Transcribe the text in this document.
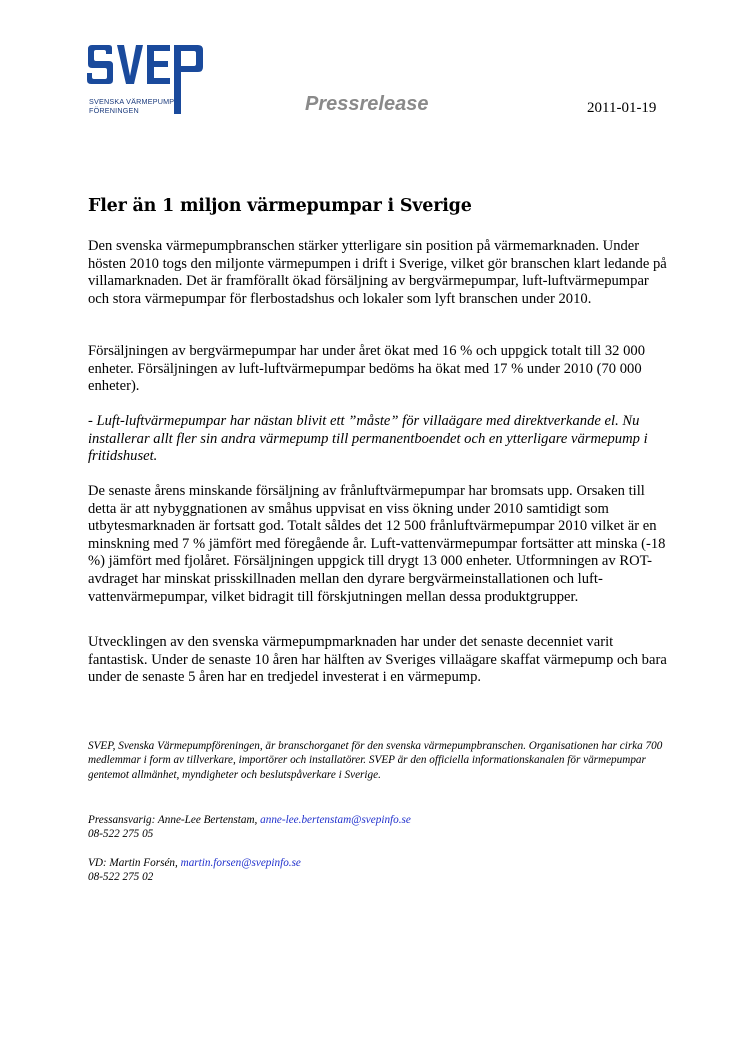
SVENSKA VÄRMEPUMP
FÖRENINGEN	Pressrelease	2011-01-19
Fler än 1 miljon värmepumpar i Sverige

Den svenska värmepumpbranschen stärker ytterligare sin position på värmemarknaden. Under hösten 2010 togs den miljonte värmepumpen i drift i Sverige, vilket gör branschen klart ledande på villamarknaden. Det är framförallt ökad försäljning av bergvärmepumpar, luft-luftvärmepumpar och stora värmepumpar för flerbostadshus och lokaler som lyft branschen under 2010.

Försäljningen av bergvärmepumpar har under året ökat med 16 % och uppgick totalt till 32 000 enheter. Försäljningen av luft-luftvärmepumpar bedöms ha ökat med 17 % under 2010 (70 000 enheter).

- Luft-luftvärmepumpar har nästan blivit ett ”måste” för villaägare med direktverkande el. Nu installerar allt fler sin andra värmepump till permanentboendet och en ytterligare värmepump i fritidshuset.

De senaste årens minskande försäljning av frånluftvärmepumpar har bromsats upp. Orsaken till detta är att nybyggnationen av småhus uppvisat en viss ökning under 2010 samtidigt som utbytesmarknaden är fortsatt god. Totalt såldes det 12 500 frånluftvärmepumpar 2010 vilket är en minskning med 7 % jämfört med föregående år. Luft-vattenvärmepumpar fortsätter att minska (-18 %) jämfört med fjolåret. Försäljningen uppgick till drygt 13 000 enheter. Utformningen av ROT-avdraget har minskat prisskillnaden mellan den dyrare bergvärmeinstallationen och luft-vattenvärmepumpar, vilket bidragit till förskjutningen mellan dessa produktgrupper.

Utvecklingen av den svenska värmepumpmarknaden har under det senaste decenniet varit fantastisk. Under de senaste 10 åren har hälften av Sveriges villaägare skaffat värmepump och bara under de senaste 5 åren har en tredjedel investerat i en värmepump.

SVEP, Svenska Värmepumpföreningen, är branschorganet för den svenska värmepumpbranschen. Organisationen har cirka 700 medlemmar i form av tillverkare, importörer och installatörer. SVEP är den officiella informationskanalen för värmepumpar gentemot allmänhet, myndigheter och beslutspåverkare i Sverige.

Pressansvarig: Anne-Lee Bertenstam, anne-lee.bertenstam@svepinfo.se
08-522 275 05
VD: Martin Forsén, martin.forsen@svepinfo.se
08-522 275 02
